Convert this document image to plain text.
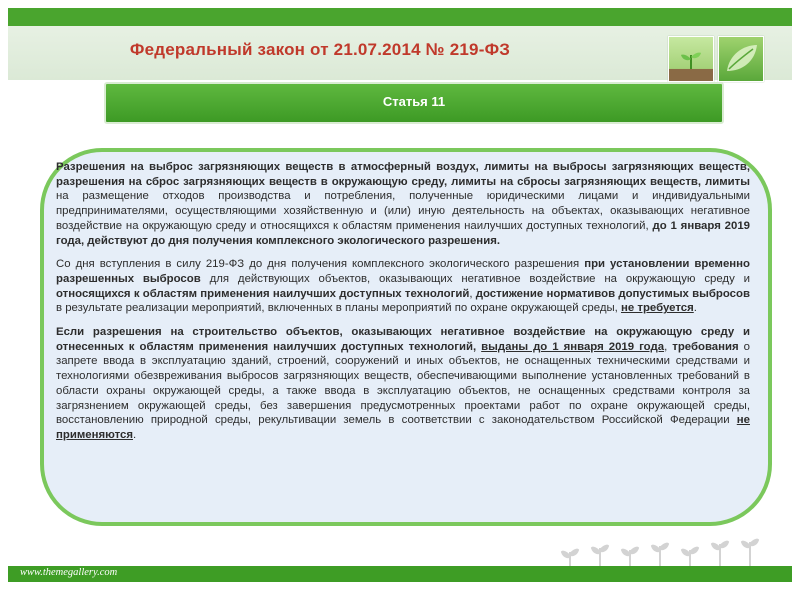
Федеральный закон от 21.07.2014 № 219-ФЗ
Статья 11

Разрешения на выброс загрязняющих веществ в атмосферный воздух, лимиты на выбросы загрязняющих веществ, разрешения на сброс загрязняющих веществ в окружающую среду, лимиты на сбросы загрязняющих веществ, лимиты на размещение отходов производства и потребления, полученные юридическими лицами и индивидуальными предпринимателями, осуществляющими хозяйственную и (или) иную деятельность на объектах, оказывающих негативное воздействие на окружающую среду и относящихся к областям применения наилучших доступных технологий, до 1 января 2019 года, действуют до дня получения комплексного экологического разрешения.

Со дня вступления в силу 219-ФЗ до дня получения комплексного экологического разрешения при установлении временно разрешенных выбросов для действующих объектов, оказывающих негативное воздействие на окружающую среду и относящихся к областям применения наилучших доступных технологий, достижение нормативов допустимых выбросов в результате реализации мероприятий, включенных в планы мероприятий по охране окружающей среды, не требуется.

Если разрешения на строительство объектов, оказывающих негативное воздействие на окружающую среду и отнесенных к областям применения наилучших доступных технологий, выданы до 1 января 2019 года, требования о запрете ввода в эксплуатацию зданий, строений, сооружений и иных объектов, не оснащенных техническими средствами и технологиями обезвреживания выбросов загрязняющих веществ, обеспечивающими выполнение установленных требований в области охраны окружающей среды, а также ввода в эксплуатацию объектов, не оснащенных средствами контроля за загрязнением окружающей среды, без завершения предусмотренных проектами работ по охране окружающей среды, восстановлению природной среды, рекультивации земель в соответствии с законодательством Российской Федерации не применяются.

www.themegallery.com
